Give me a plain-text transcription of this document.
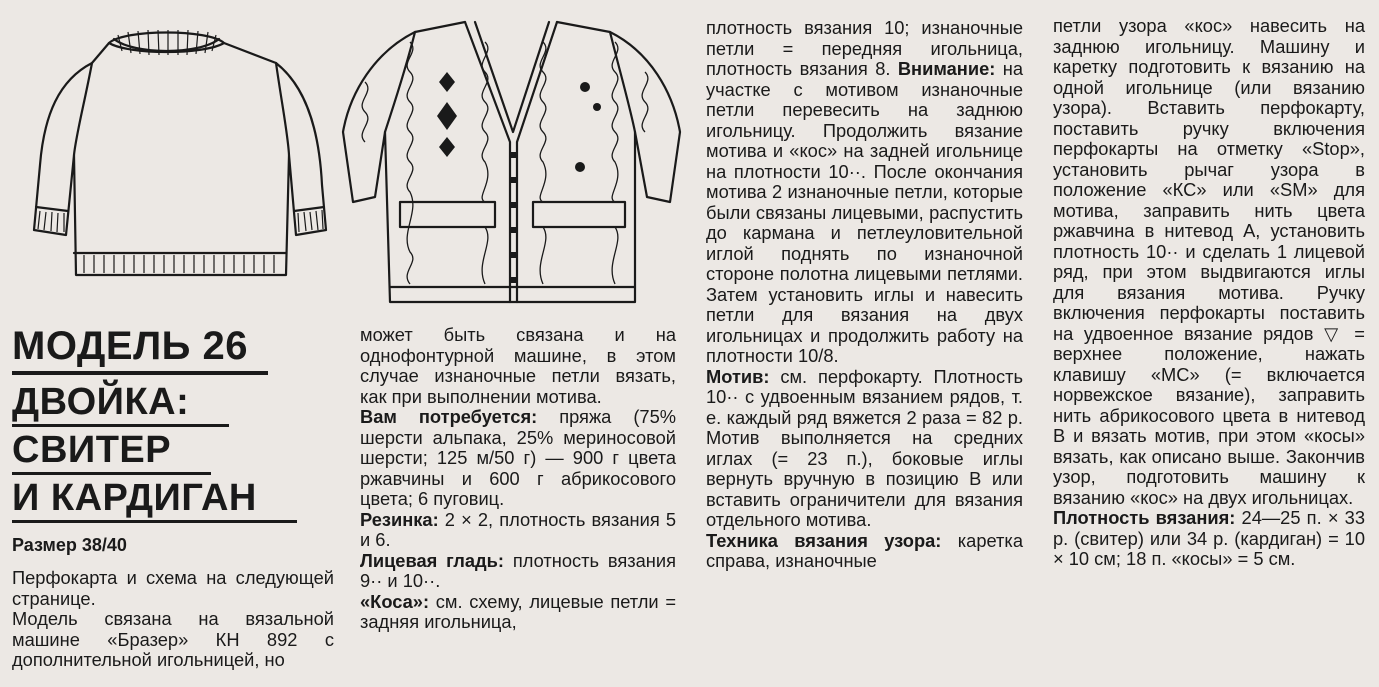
МОДЕЛЬ 26 ДВОЙКА: СВИТЕР И КАРДИГАН
Размер 38/40

Перфокарта и схема на следующей странице.

Модель связана на вязальной машине «Бразер» КН 892 с дополнительной игольницей, но

может быть связана и на однофонтурной машине, в этом случае изнаночные петли вязать, как при выполнении мотива.

Вам потребуется: пряжа (75% шерсти альпака, 25% мериносовой шерсти; 125 м/50 г) — 900 г цвета ржавчины и 600 г абрикосового цвета; 6 пуговиц.

Резинка: 2 × 2, плотность вязания 5 и 6.

Лицевая гладь: плотность вязания 9·· и 10··.

«Коса»: см. схему, лицевые петли = задняя игольница,

плотность вязания 10; изнаночные петли = передняя игольница, плотность вязания 8. Внимание: на участке с мотивом изнаночные петли перевесить на заднюю игольницу. Продолжить вязание мотива и «кос» на задней игольнице на плотности 10··. После окончания мотива 2 изнаночные петли, которые были связаны лицевыми, распустить до кармана и петлеуловительной иглой поднять по изнаночной стороне полотна лицевыми петлями. Затем установить иглы и навесить петли для вязания на двух игольницах и продолжить работу на плотности 10/8.

Мотив: см. перфокарту. Плотность 10·· с удвоенным вязанием рядов, т. е. каждый ряд вяжется 2 раза = 82 р. Мотив выполняется на средних иглах (= 23 п.), боковые иглы вернуть вручную в позицию В или вставить ограничители для вязания отдельного мотива.

Техника вязания узора: каретка справа, изнаночные

петли узора «кос» навесить на заднюю игольницу. Машину и каретку подготовить к вязанию на одной игольнице (или вязанию узора). Вставить перфокарту, поставить ручку включения перфокарты на отметку «Stop», установить рычаг узора в положение «КС» или «SM» для мотива, заправить нить цвета ржавчина в нитевод А, установить плотность 10·· и сделать 1 лицевой ряд, при этом выдвигаются иглы для вязания мотива. Ручку включения перфокарты поставить на удвоенное вязание рядов ▽ = верхнее положение, нажать клавишу «МС» (= включается норвежское вязание), заправить нить абрикосового цвета в нитевод В и вязать мотив, при этом «косы» вязать, как описано выше. Закончив узор, подготовить машину к вязанию «кос» на двух игольницах.

Плотность вязания: 24—25 п. × 33 р. (свитер) или 34 р. (кардиган) = 10 × 10 см; 18 п. «косы» = 5 см.
